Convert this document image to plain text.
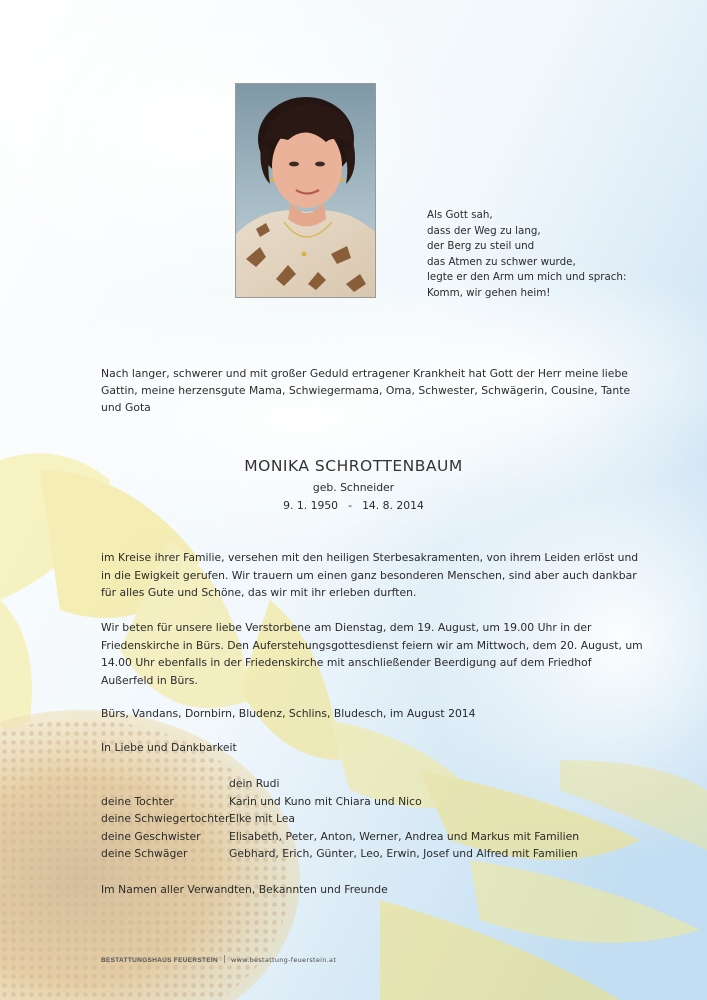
Als Gott sah,
dass der Weg zu lang,
der Berg zu steil und
das Atmen zu schwer wurde,
legte er den Arm um mich und sprach:
Komm, wir gehen heim!
Nach langer, schwerer und mit großer Geduld ertragener Krankheit hat Gott der Herr meine liebe Gattin, meine herzensgute Mama, Schwiegermama, Oma, Schwester, Schwägerin, Cousine, Tante und Gota
MONIKA SCHROTTENBAUM
geb. Schneider
9. 1. 1950 - 14. 8. 2014
im Kreise ihrer Familie, versehen mit den heiligen Sterbesakramenten, von ihrem Leiden erlöst und in die Ewigkeit gerufen. Wir trauern um einen ganz besonderen Menschen, sind aber auch dankbar für alles Gute und Schöne, das wir mit ihr erleben durften.
Wir beten für unsere liebe Verstorbene am Dienstag, dem 19. August, um 19.00 Uhr in der Friedenskirche in Bürs. Den Auferstehungsgottesdienst feiern wir am Mittwoch, dem 20. August, um 14.00 Uhr ebenfalls in der Friedenskirche mit anschließender Beerdigung auf dem Friedhof Außerfeld in Bürs.
Bürs, Vandans, Dornbirn, Bludenz, Schlins, Bludesch, im August 2014
In Liebe und Dankbarkeit
dein Rudi
deine Tochter	Karin und Kuno mit Chiara und Nico
deine Schwiegertochter Elke mit Lea
deine Geschwister	Elisabeth, Peter, Anton, Werner, Andrea und Markus mit Familien
deine Schwäger	Gebhard, Erich, Günter, Leo, Erwin, Josef und Alfred mit Familien
Im Namen aller Verwandten, Bekannten und Freunde
BESTATTUNGSHAUS FEUERSTEIN www.bestattung-feuerstein.at
